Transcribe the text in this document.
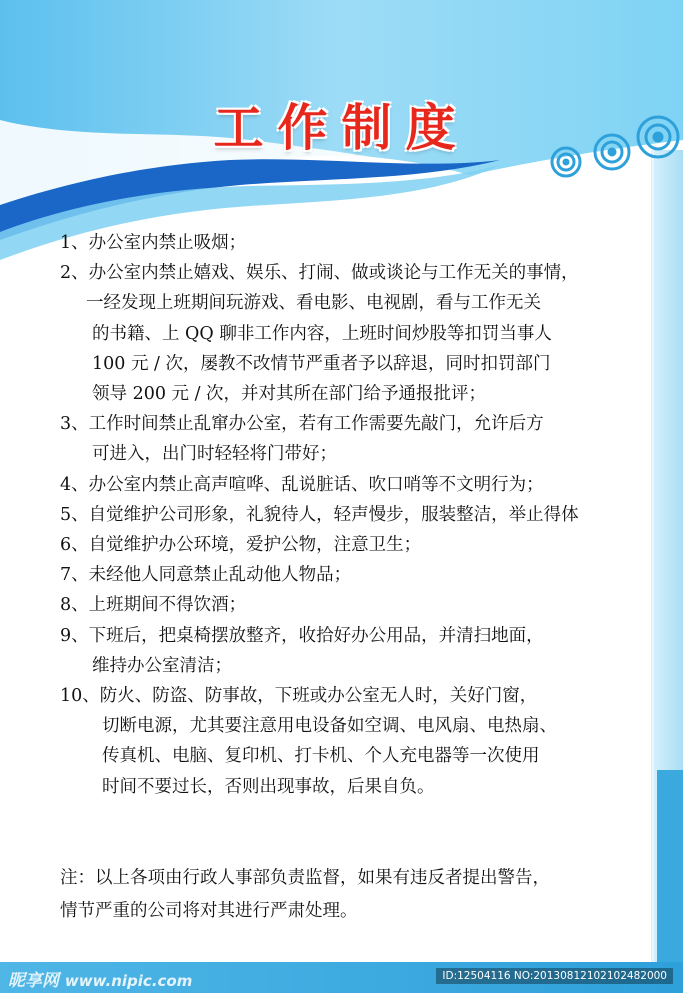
工作制度
1、办公室内禁止吸烟；
2、办公室内禁止嬉戏、娱乐、打闹、做或谈论与工作无关的事情，
一经发现上班期间玩游戏、看电影、电视剧，看与工作无关
的书籍、上 QQ 聊非工作内容，上班时间炒股等扣罚当事人
100 元 / 次，屡教不改情节严重者予以辞退，同时扣罚部门
领导 200 元 / 次，并对其所在部门给予通报批评；
3、工作时间禁止乱窜办公室，若有工作需要先敲门，允许后方
可进入，出门时轻轻将门带好；
4、办公室内禁止高声喧哗、乱说脏话、吹口哨等不文明行为；
5、自觉维护公司形象，礼貌待人，轻声慢步，服装整洁，举止得体
6、自觉维护办公环境，爱护公物，注意卫生；
7、未经他人同意禁止乱动他人物品；
8、上班期间不得饮酒；
9、下班后，把桌椅摆放整齐，收拾好办公用品，并清扫地面，
维持办公室清洁；
10、防火、防盗、防事故，下班或办公室无人时，关好门窗，
切断电源，尤其要注意用电设备如空调、电风扇、电热扇、
传真机、电脑、复印机、打卡机、个人充电器等一次使用
时间不要过长，否则出现事故，后果自负。
注：以上各项由行政人事部负责监督，如果有违反者提出警告，
情节严重的公司将对其进行严肃处理。
昵享网 www.nipic.com	ID:12504116 NO:20130812102102482000
